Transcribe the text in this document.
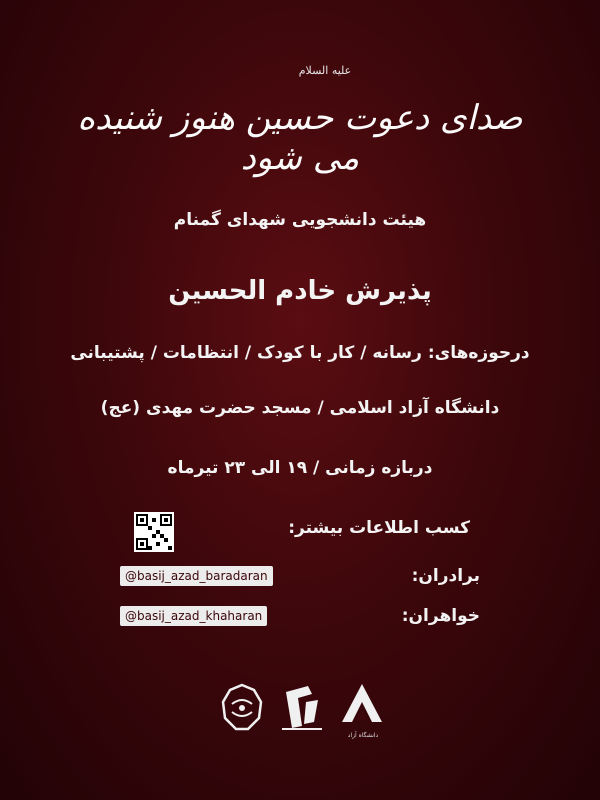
علیه السلام
صدای دعوت حسین هنوز شنیده می شود
هیئت دانشجویی شهدای گمنام
پذیرش خادم الحسین
درحوزه‌های: رسانه / کار با کودک / انتظامات / پشتیبانی
دانشگاه آزاد اسلامی / مسجد حضرت مهدی (عج)
دربازه زمانی / ۱۹ الی ۲۳ تیرماه
کسب اطلاعات بیشتر:
@basij_azad_baradaran	برادران:
@basij_azad_khaharan	خواهران:
دانشگاه آزاد
